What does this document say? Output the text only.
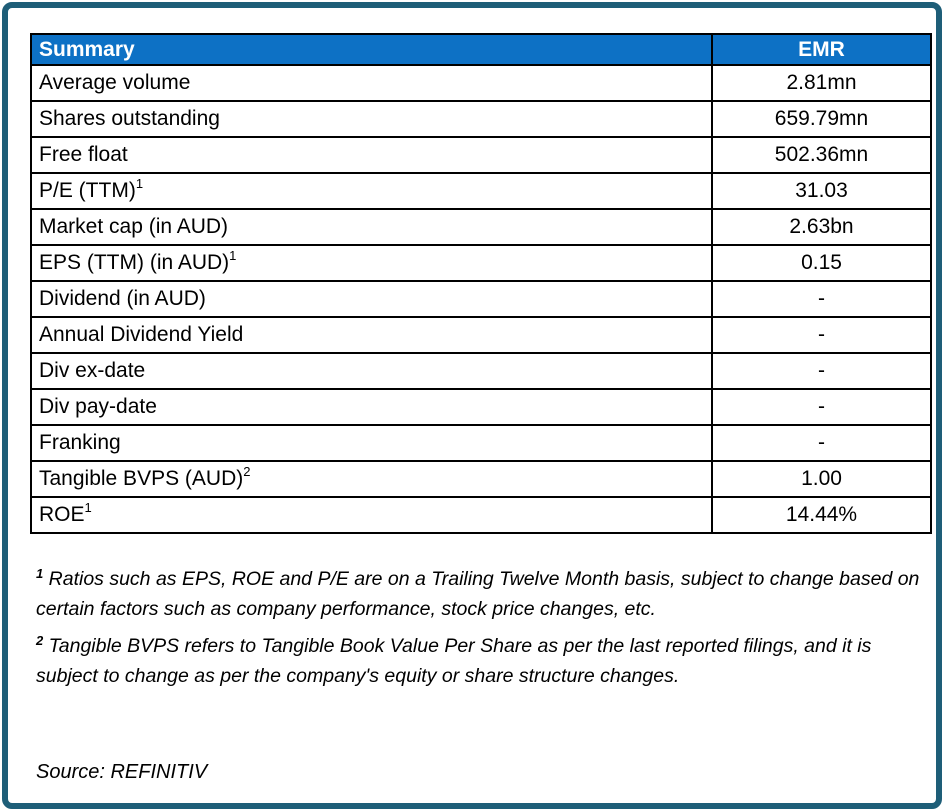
Summary	EMR
Average volume	2.81mn
Shares outstanding	659.79mn
Free float	502.36mn
P/E (TTM)$^1$	31.03
Market cap (in AUD)	2.63bn
EPS (TTM) (in AUD)$^1$	0.15
Dividend (in AUD)	-
Annual Dividend Yield	-
Div ex-date	-
Div pay-date	-
Franking	-
Tangible BVPS (AUD)$^2$	1.00
ROE$^1$	14.44%
$^1$ Ratios such as EPS, ROE and P/E are on a Trailing Twelve Month basis, subject to change based on certain factors such as company performance, stock price changes, etc.
$^2$ Tangible BVPS refers to Tangible Book Value Per Share as per the last reported filings, and it is subject to change as per the company's equity or share structure changes.
Source: REFINITIV
